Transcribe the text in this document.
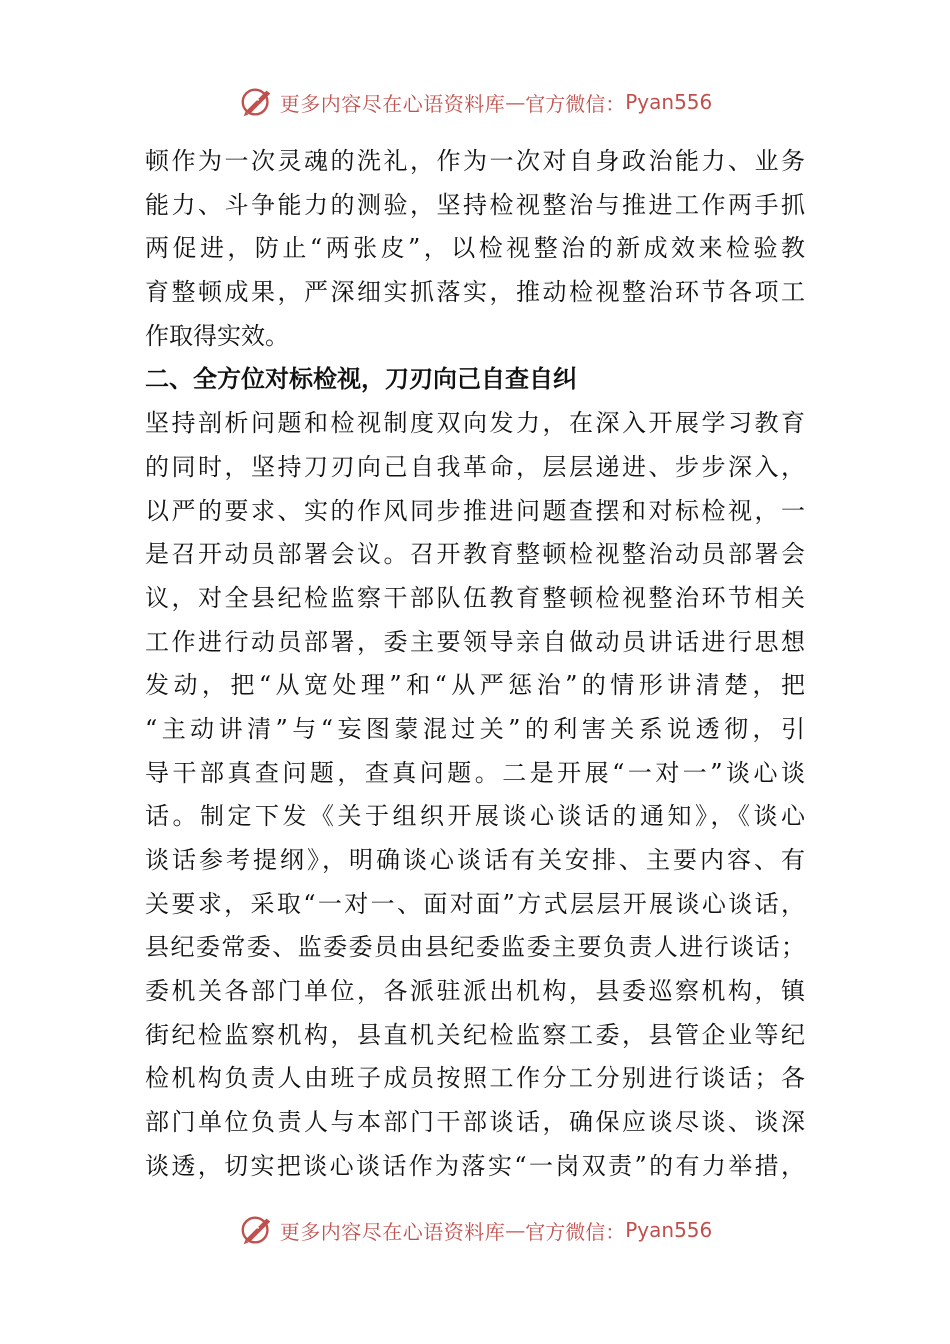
更多内容尽在心语资料库 — 官方微信： Pyan556
顿作为一次灵魂的洗礼，作为一次对自身政治能力、业务
能力、斗争能力的测验，坚持检视整治与推进工作两手抓
两促进，防止“两张皮”，以检视整治的新成效来检验教
育整顿成果，严深细实抓落实，推动检视整治环节各项工
作取得实效。
二、全方位对标检视，刀刃向己自查自纠
坚持剖析问题和检视制度双向发力，在深入开展学习教育
的同时，坚持刀刃向己自我革命，层层递进、步步深入，
以严的要求、实的作风同步推进问题查摆和对标检视，一
是召开动员部署会议。召开教育整顿检视整治动员部署会
议，对全县纪检监察干部队伍教育整顿检视整治环节相关
工作进行动员部署，委主要领导亲自做动员讲话进行思想
发动，把“从宽处理”和“从严惩治”的情形讲清楚，把
“主动讲清”与“妄图蒙混过关”的利害关系说透彻，引
导干部真查问题，查真问题。二是开展“一对一”谈心谈
话。制定下发《关于组织开展谈心谈话的通知》，《谈心
谈话参考提纲》，明确谈心谈话有关安排、主要内容、有
关要求，采取“一对一、面对面”方式层层开展谈心谈话，
县纪委常委、监委委员由县纪委监委主要负责人进行谈话；
委机关各部门单位，各派驻派出机构，县委巡察机构，镇
街纪检监察机构，县直机关纪检监察工委，县管企业等纪
检机构负责人由班子成员按照工作分工分别进行谈话；各
部门单位负责人与本部门干部谈话，确保应谈尽谈、谈深
谈透，切实把谈心谈话作为落实“一岗双责”的有力举措，
更多内容尽在心语资料库 — 官方微信： Pyan556
